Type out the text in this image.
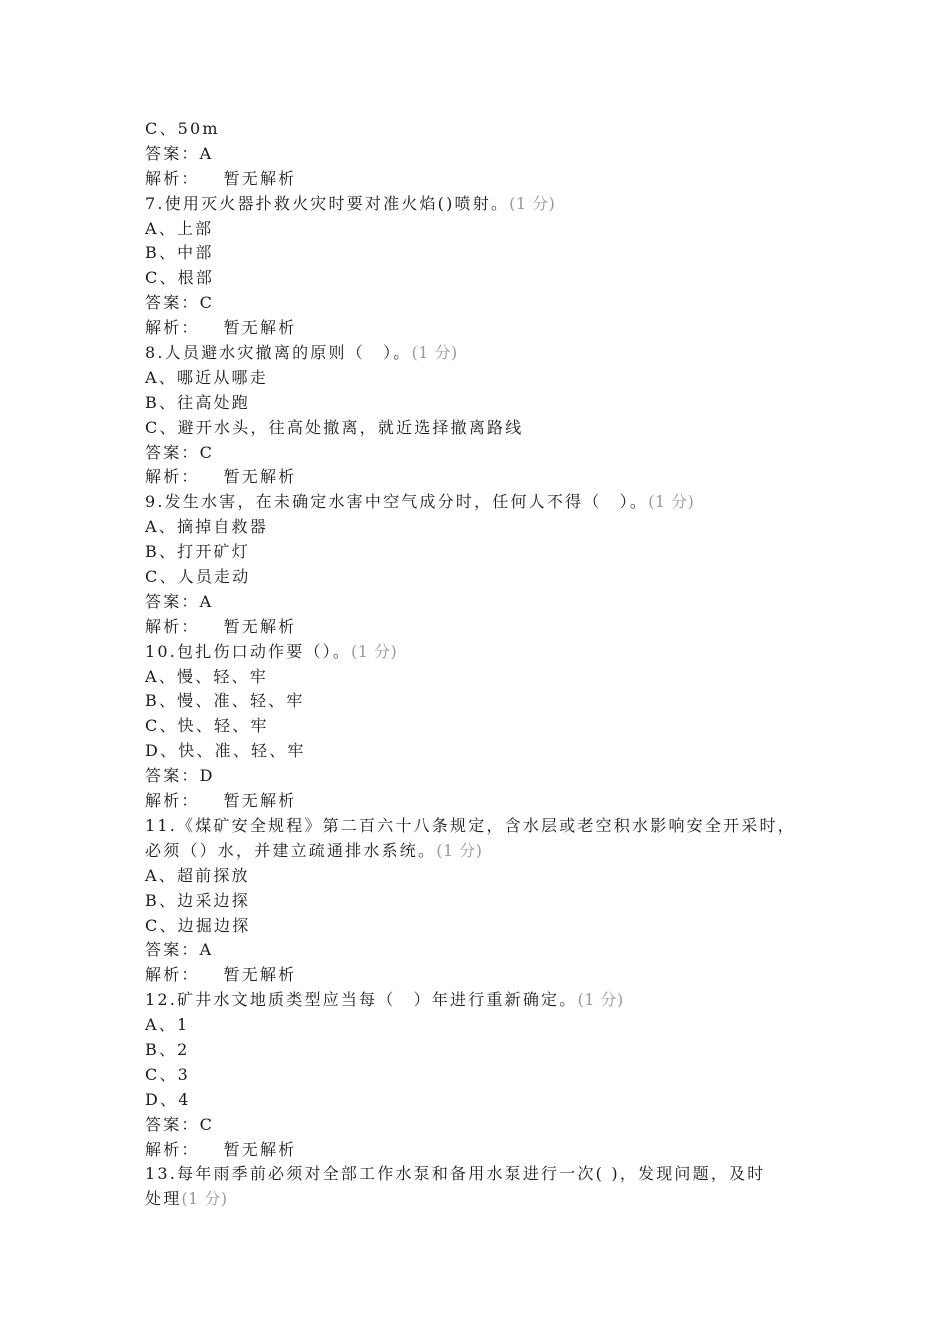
C、50m
答案：A
解析： 暂无解析
7.使用灭火器扑救火灾时要对准火焰()喷射。(1 分)
A、上部
B、中部
C、根部
答案：C
解析： 暂无解析
8.人员避水灾撤离的原则（　）。(1 分)
A、哪近从哪走
B、往高处跑
C、避开水头，往高处撤离，就近选择撤离路线
答案：C
解析： 暂无解析
9.发生水害，在未确定水害中空气成分时，任何人不得（　）。(1 分)
A、摘掉自救器
B、打开矿灯
C、人员走动
答案：A
解析： 暂无解析
10.包扎伤口动作要（）。(1 分)
A、慢、轻、牢
B、慢、准、轻、牢
C、快、轻、牢
D、快、准、轻、牢
答案：D
解析： 暂无解析
11.《煤矿安全规程》第二百六十八条规定，含水层或老空积水影响安全开采时，
必须（）水，并建立疏通排水系统。(1 分)
A、超前探放
B、边采边探
C、边掘边探
答案：A
解析： 暂无解析
12.矿井水文地质类型应当每（　）年进行重新确定。(1 分)
A、1
B、2
C、3
D、4
答案：C
解析： 暂无解析
13.每年雨季前必须对全部工作水泵和备用水泵进行一次( )，发现问题，及时
处理(1 分)
